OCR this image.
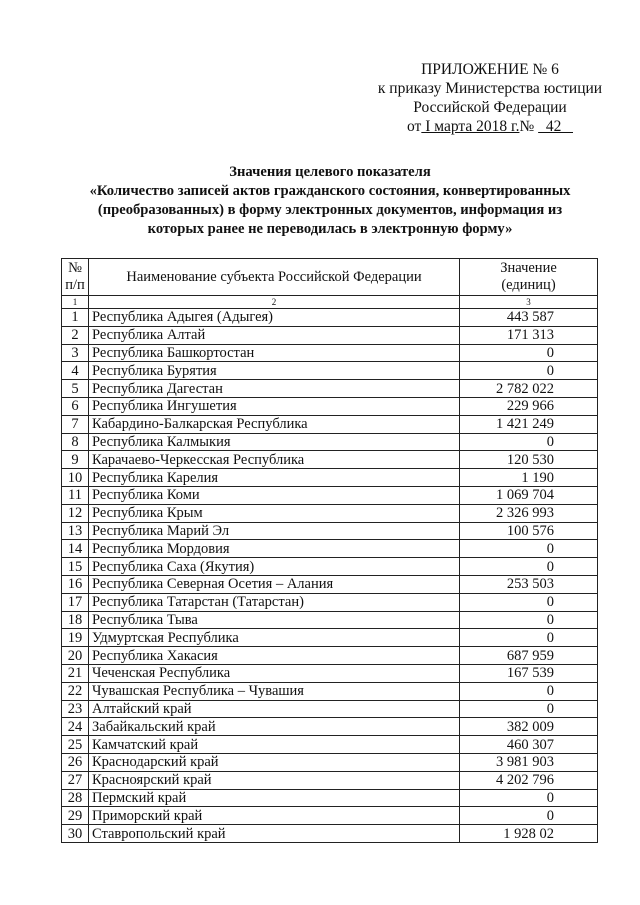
ПРИЛОЖЕНИЕ № 6
к приказу Министерства юстиции
Российской Федерации
от I марта 2018 г.№   42
Значения целевого показателя
«Количество записей актов гражданского состояния, конвертированных
(преобразованных) в форму электронных документов, информация из
которых ранее не переводилась в электронную форму»
№
п/п	Наименование субъекта Российской Федерации	Значение
(единиц)
1	2	3
1	Республика Адыгея (Адыгея)	443 587
2	Республика Алтай	171 313
3	Республика Башкортостан	0
4	Республика Бурятия	0
5	Республика Дагестан	2 782 022
6	Республика Ингушетия	229 966
7	Кабардино-Балкарская Республика	1 421 249
8	Республика Калмыкия	0
9	Карачаево-Черкесская Республика	120 530
10	Республика Карелия	1 190
11	Республика Коми	1 069 704
12	Республика Крым	2 326 993
13	Республика Марий Эл	100 576
14	Республика Мордовия	0
15	Республика Саха (Якутия)	0
16	Республика Северная Осетия – Алания	253 503
17	Республика Татарстан (Татарстан)	0
18	Республика Тыва	0
19	Удмуртская Республика	0
20	Республика Хакасия	687 959
21	Чеченская Республика	167 539
22	Чувашская Республика – Чувашия	0
23	Алтайский край	0
24	Забайкальский край	382 009
25	Камчатский край	460 307
26	Краснодарский край	3 981 903
27	Красноярский край	4 202 796
28	Пермский край	0
29	Приморский край	0
30	Ставропольский край	1 928 02
